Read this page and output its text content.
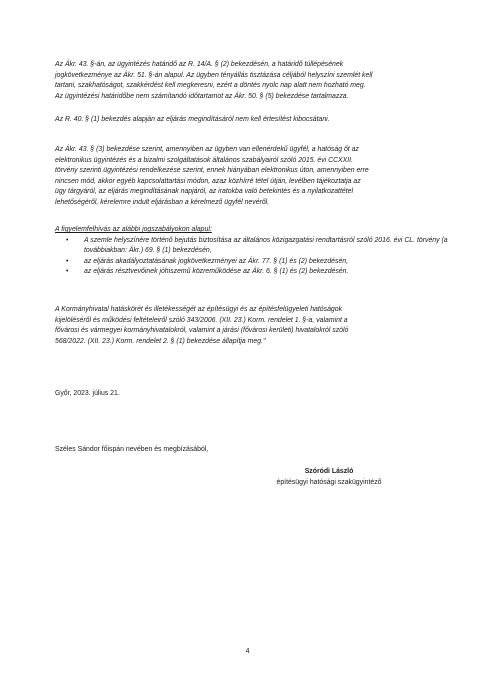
Az Ákr. 43. §-án, az ügyintézés határidő az R. 14/A. § (2) bekezdésén, a határidő túllépésének

jogkövetkezménye az Ákr. 51. §-án alapul. Az ügyben tényállás tisztázása céljából helyszíni szemlét kell

tartani, szakhatóságot, szakkérdést kell megkeresni, ezért a döntés nyolc nap alatt nem hozható meg.

Az ügyintézési határidőbe nem számítandó időtartamot az Ákr. 50. § (5) bekezdése tartalmazza.

Az R. 40. § (1) bekezdés alapján az eljárás megindításáról nem kell értesítést kibocsátani.

Az Ákr. 43. § (3) bekezdése szerint, amennyiben az ügyben van ellenérdekű ügyfél, a hatóság őt az

elektronikus ügyintézés és a bizalmi szolgáltatások általános szabályairól szóló 2015. évi CCXXII.

törvény szerinti ügyintézési rendelkezése szerint, ennek hiányában elektronikus úton, amennyiben erre

nincsen mód, akkor egyéb kapcsolattartási módon, azaz közhírré tétel útján, levélben tájékoztatja az

ügy tárgyáról, az eljárás megindításának napjáról, az iratokba való betekintés és a nyilatkozattétel

lehetőségéről, kérelemre indult eljárásban a kérelmező ügyfél nevéről.

A figyelemfelhívás az alábbi jogszabályokon alapul:

• A szemle helyszínére történő bejutás biztosítása az általános közigazgatási rendtartásról szóló 2016. évi CL. törvény (a továbbiakban: Ákr.) 69. § (1) bekezdésén,
• az eljárás akadályoztatásának jogkövetkezményei az Ákr. 77. § (1) és (2) bekezdésén,
• az eljárás résztvevőinek jóhiszemű közreműködése az Ákr. 6. § (1) és (2) bekezdésén.

A Kormányhivatal hatáskörét és illetékességét az építésügyi és az építésfelügyeleti hatóságok

kijelöléséről és működési feltételeiről szóló 343/2006. (XII. 23.) Korm. rendelet 1. §-a, valamint a

fővárosi és vármegyei kormányhivatalokról, valamint a járási (fővárosi kerületi) hivatalokról szóló

568/2022. (XII. 23.) Korm. rendelet 2. § (1) bekezdése állapítja meg."

Győr, 2023. július 21.

Széles Sándor főispán nevében és megbízásából,

Szóródi László
építésügyi hatósági szakügyintéző
4
